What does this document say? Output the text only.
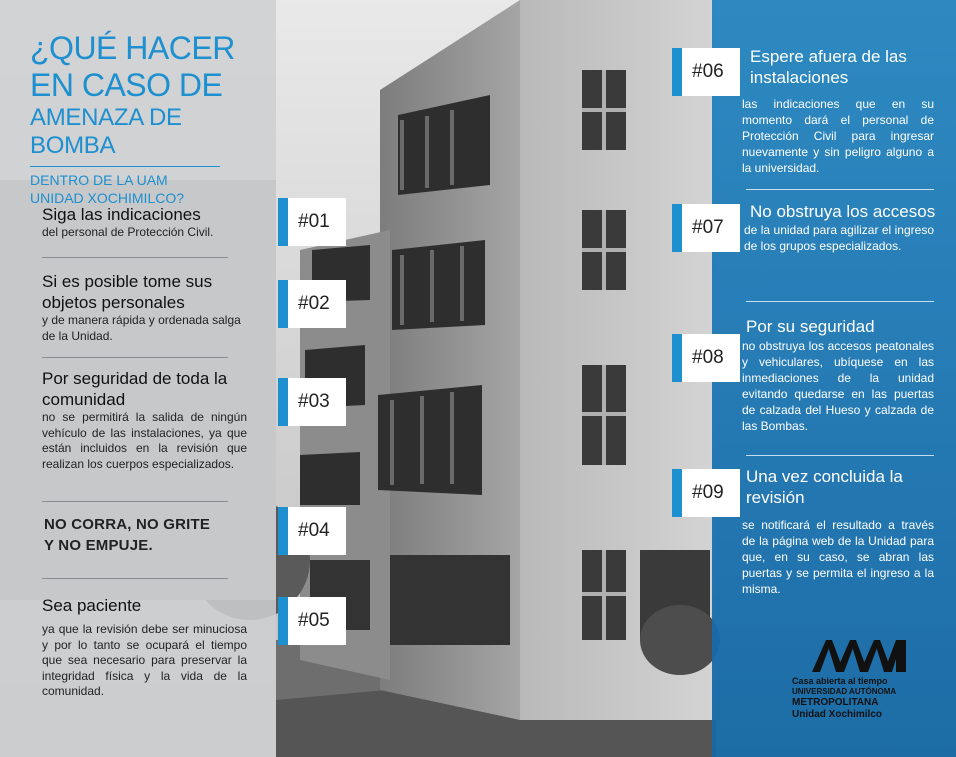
¿QUÉ HACER
EN CASO DE
AMENAZA DE BOMBA
DENTRO DE LA UAM
UNIDAD XOCHIMILCO?
Siga las indicaciones
del personal de Protección Civil.
Si es posible tome sus objetos personales
y de manera rápida y ordenada salga de la Unidad.
Por seguridad de toda la comunidad
no se permitirá la salida de ningún vehículo de las instalaciones, ya que están incluidos en la revisión que realizan los cuerpos especializados.
NO CORRA, NO GRITE
Y NO EMPUJE.
Sea paciente
ya que la revisión debe ser minuciosa y por lo tanto se ocupará el tiempo que sea necesario para preservar la integridad física y la vida de la comunidad.
#01
#02
#03
#04
#05
#06
#07
#08
#09
Espere afuera de las instalaciones
las indicaciones que en su momento dará el personal de Protección Civil para ingresar nuevamente y sin peligro alguno a la universidad.
No obstruya los accesos
de la unidad para agilizar el ingreso de los grupos especializados.
Por su seguridad
no obstruya los accesos peatonales y vehiculares, ubíquese en las inmediaciones de la unidad evitando quedarse en las puertas de calzada del Hueso y calzada de las Bombas.
Una vez concluida la revisión
se notificará el resultado a través de la página web de la Unidad para que, en su caso, se abran las puertas y se permita el ingreso a la misma.
Casa abierta al tiempo
UNIVERSIDAD AUTÓNOMA
METROPOLITANA
Unidad Xochimilco
